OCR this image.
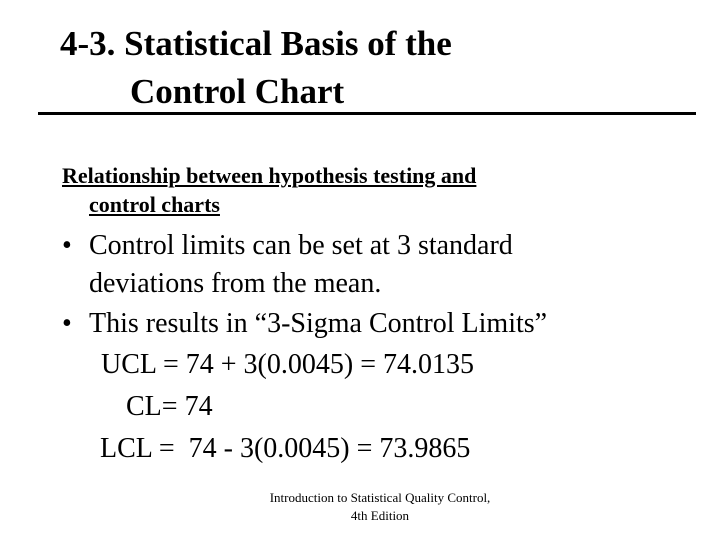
4-3. Statistical Basis of the
Control Chart
Relationship between hypothesis testing and
control charts
• Control limits can be set at 3 standard
deviations from the mean.
• This results in “3-Sigma Control Limits”
UCL = 74 + 3(0.0045) = 74.0135
CL= 74
LCL =  74 - 3(0.0045) = 73.9865
Introduction to Statistical Quality Control,
4th Edition
